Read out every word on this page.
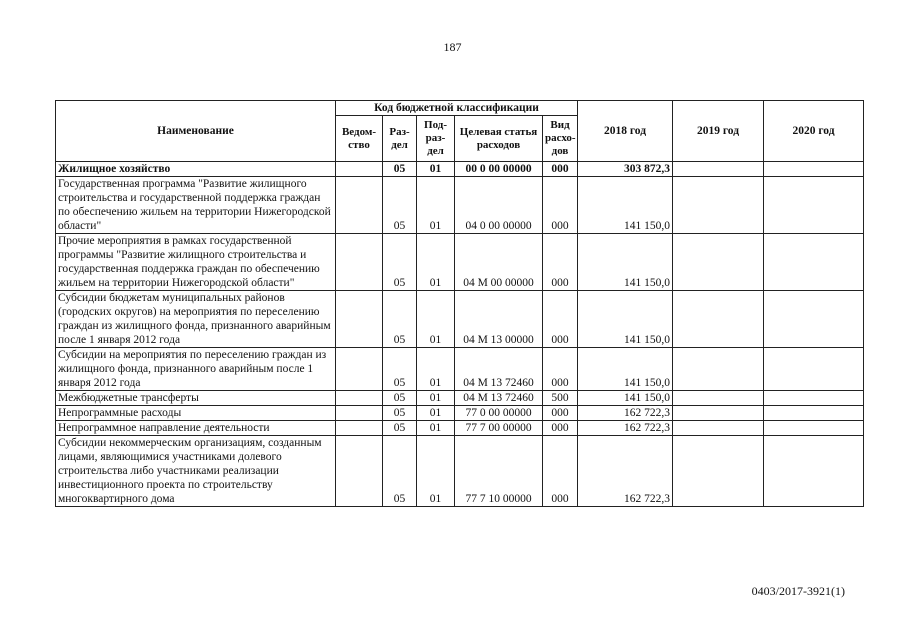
187
Наименование	Код бюджетной классификации					2018 год	2019 год	2020 год
	Ведом-ство	Раз-дел	Под-раз-дел	Целевая статья расходов	Вид расхо-дов			
Жилищное хозяйство		05	01	00 0 00 00000	000	303 872,3		
Государственная программа "Развитие жилищного строительства и государственной поддержка граждан по обеспечению жильем на территории Нижегородской области"		05	01	04 0 00 00000	000	141 150,0		
Прочие мероприятия в рамках государственной программы "Развитие жилищного строительства и государственная поддержка граждан по обеспечению жильем на территории Нижегородской области"		05	01	04 М 00 00000	000	141 150,0		
Субсидии бюджетам муниципальных районов (городских округов) на мероприятия по переселению граждан из жилищного фонда, признанного аварийным после 1 января 2012 года		05	01	04 М 13 00000	000	141 150,0		
Субсидии на мероприятия по переселению граждан из жилищного фонда, признанного аварийным после 1 января 2012 года		05	01	04 М 13 72460	000	141 150,0		
Межбюджетные трансферты		05	01	04 М 13 72460	500	141 150,0		
Непрограммные расходы		05	01	77 0 00 00000	000	162 722,3		
Непрограммное направление деятельности		05	01	77 7 00 00000	000	162 722,3		
Субсидии некоммерческим организациям, созданным лицами, являющимися участниками долевого строительства либо участниками реализации инвестиционного проекта по строительству многоквартирного дома		05	01	77 7 10 00000	000	162 722,3		
0403/2017-3921(1)
